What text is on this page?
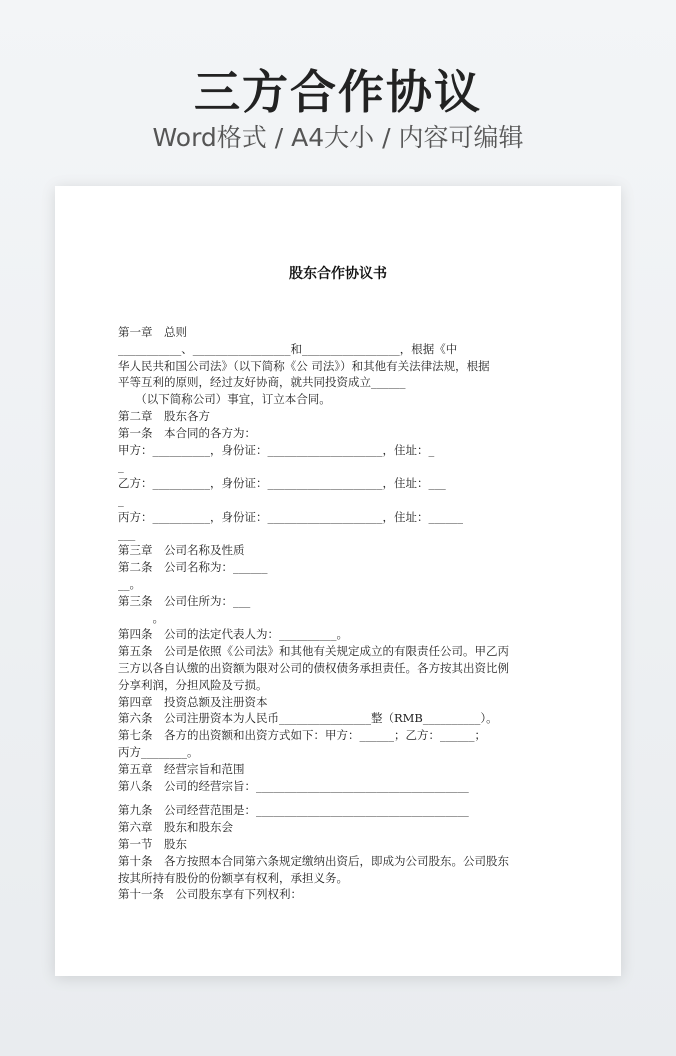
三方合作协议
Word格式 / A4大小 / 内容可编辑
股东合作协议书
第一章　总则
___________、_________________和_________________，根据《中
华人民共和国公司法》（以下简称《公 司法》）和其他有关法律法规，根据
平等互利的原则，经过友好协商，就共同投资成立______
　　（以下简称公司）事宜，订立本合同。
第二章　股东各方
第一条　本合同的各方为：
甲方：__________，身份证：____________________，住址：_
_
乙方：__________，身份证：____________________，住址：___
_
丙方：__________，身份证：____________________，住址：______
___
第三章　公司名称及性质
第二条　公司名称为：______
__。
第三条　公司住所为：___
　　　。
第四条　公司的法定代表人为：__________。
第五条　公司是依照《公司法》和其他有关规定成立的有限责任公司。甲乙丙
三方以各自认缴的出资额为限对公司的债权债务承担责任。各方按其出资比例
分享利润，分担风险及亏损。
第四章　投资总额及注册资本
第六条　公司注册资本为人民币________________整（RMB__________）。
第七条　各方的出资额和出资方式如下：甲方：______；乙方：______；
丙方________。
第五章　经营宗旨和范围
第八条　公司的经营宗旨：_____________________________________
第九条　公司经营范围是：_____________________________________
第六章　股东和股东会
第一节　股东
第十条　各方按照本合同第六条规定缴纳出资后，即成为公司股东。公司股东
按其所持有股份的份额享有权利，承担义务。
第十一条　公司股东享有下列权利：
